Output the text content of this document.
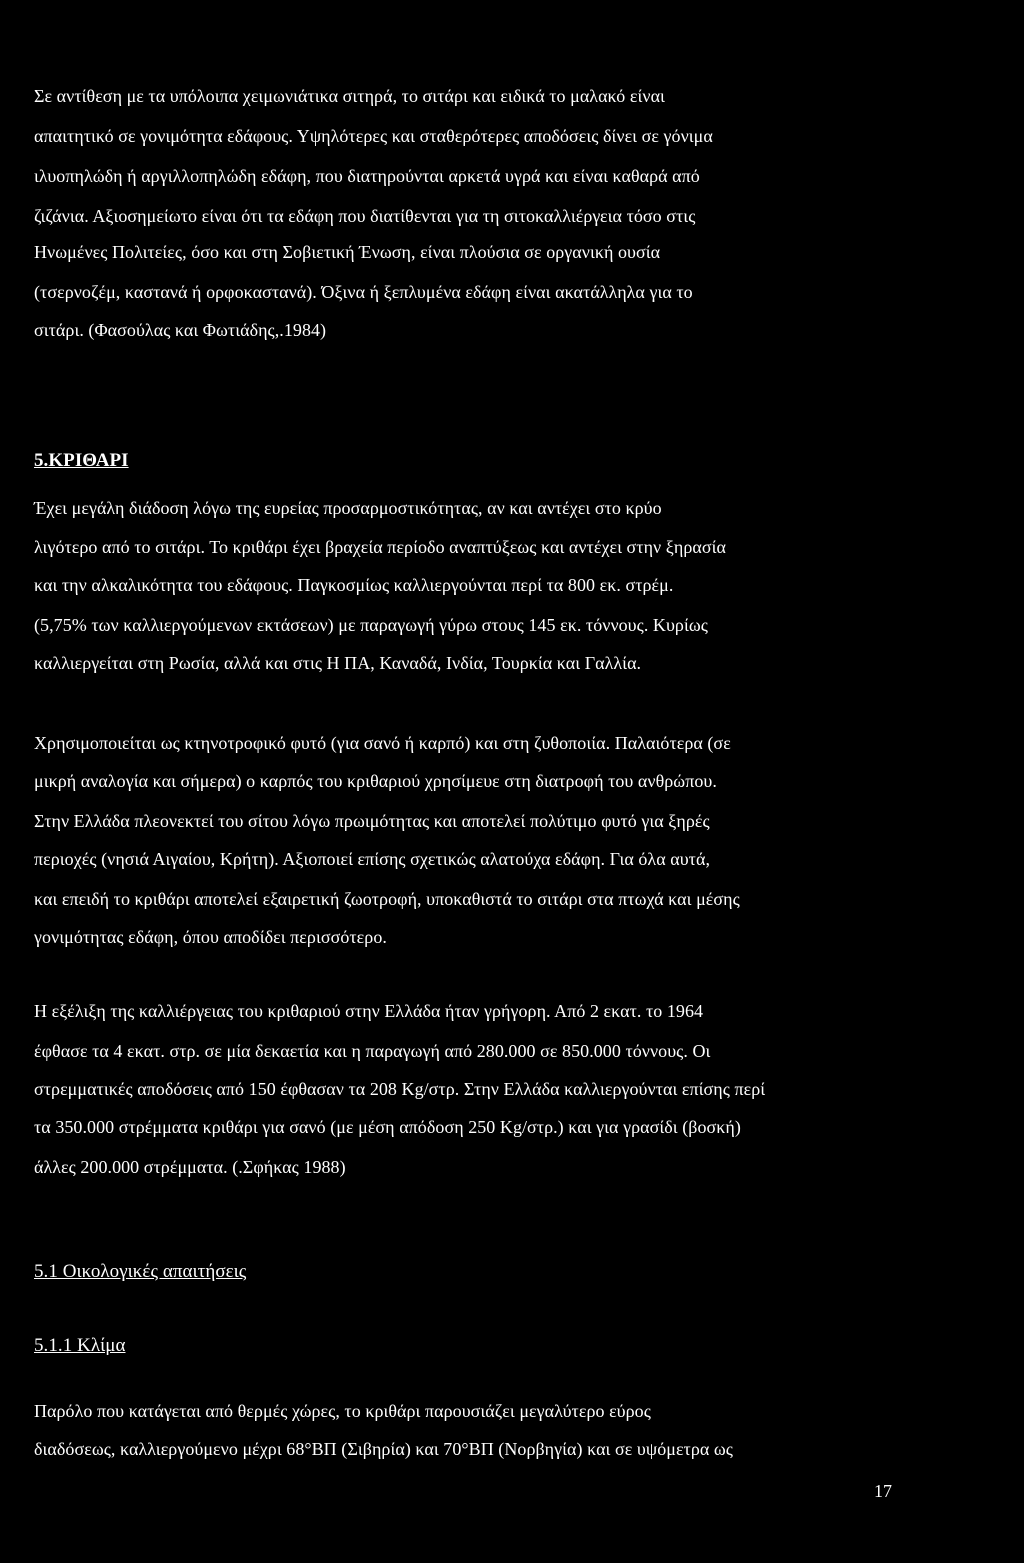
Σε αντίθεση με τα υπόλοιπα χειμωνιάτικα σιτηρά, το σιτάρι και ειδικά το μαλακό είναι
απαιτητικό σε γονιμότητα εδάφους. Υψηλότερες και σταθερότερες αποδόσεις δίνει σε γόνιμα
ιλυοπηλώδη ή αργιλλοπηλώδη εδάφη, που διατηρούνται αρκετά υγρά και είναι καθαρά από
ζιζάνια. Αξιοσημείωτο είναι ότι τα εδάφη που διατίθενται για τη σιτοκαλλιέργεια τόσο στις
Ηνωμένες Πολιτείες, όσο και στη Σοβιετική Ένωση, είναι πλούσια σε οργανική ουσία
(τσερνοζέμ, καστανά ή ορφοκαστανά). Όξινα ή ξεπλυμένα εδάφη είναι ακατάλληλα για το
σιτάρι. (Φασούλας και Φωτιάδης,.1984)
5.ΚΡΙΘΑΡΙ
Έχει μεγάλη διάδοση λόγω της ευρείας προσαρμοστικότητας, αν και αντέχει στο κρύο
λιγότερο από το σιτάρι. Το κριθάρι έχει βραχεία περίοδο αναπτύξεως και αντέχει στην ξηρασία
και την αλκαλικότητα του εδάφους. Παγκοσμίως καλλιεργούνται περί τα 800 εκ. στρέμ.
(5,75% των καλλιεργούμενων εκτάσεων) με παραγωγή γύρω στους 145 εκ. τόννους. Κυρίως
καλλιεργείται στη Ρωσία, αλλά και στις Η ΠΑ, Καναδά, Ινδία, Τουρκία και Γαλλία.
Χρησιμοποιείται ως κτηνοτροφικό φυτό (για σανό ή καρπό) και στη ζυθοποιία. Παλαιότερα (σε
μικρή αναλογία και σήμερα) ο καρπός του κριθαριού χρησίμευε στη διατροφή του ανθρώπου.
Στην Ελλάδα πλεονεκτεί του σίτου λόγω πρωιμότητας και αποτελεί πολύτιμο φυτό για ξηρές
περιοχές (νησιά Αιγαίου, Κρήτη). Αξιοποιεί επίσης σχετικώς αλατούχα εδάφη. Για όλα αυτά,
και επειδή το κριθάρι αποτελεί εξαιρετική ζωοτροφή, υποκαθιστά το σιτάρι στα πτωχά και μέσης
γονιμότητας εδάφη, όπου αποδίδει περισσότερο.
Η εξέλιξη της καλλιέργειας του κριθαριού στην Ελλάδα ήταν γρήγορη. Από 2 εκατ. το 1964
έφθασε τα 4 εκατ. στρ. σε μία δεκαετία και η παραγωγή από 280.000 σε 850.000 τόννους. Οι
στρεμματικές αποδόσεις από 150 έφθασαν τα 208 Kg/στρ. Στην Ελλάδα καλλιεργούνται επίσης περί
τα 350.000 στρέμματα κριθάρι για σανό (με μέση απόδοση 250 Kg/στρ.) και για γρασίδι (βοσκή)
άλλες 200.000 στρέμματα. (.Σφήκας 1988)
5.1 Οικολογικές απαιτήσεις
5.1.1 Κλίμα
Παρόλο που κατάγεται από θερμές χώρες, το κριθάρι παρουσιάζει μεγαλύτερο εύρος
διαδόσεως, καλλιεργούμενο μέχρι 68°ΒΠ (Σιβηρία) και 70°ΒΠ (Νορβηγία) και σε υψόμετρα ως
17
